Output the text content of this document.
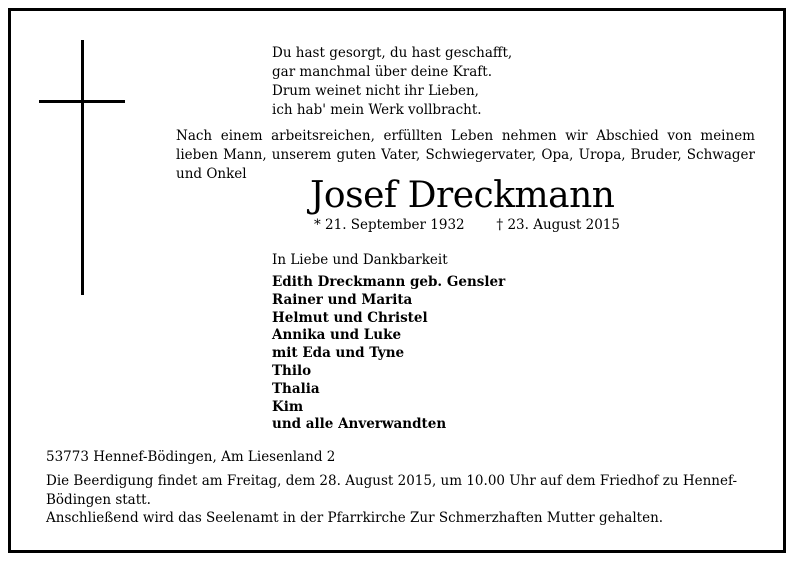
Du hast gesorgt, du hast geschafft,
gar manchmal über deine Kraft.
Drum weinet nicht ihr Lieben,
ich hab' mein Werk vollbracht.
Nach einem arbeitsreichen, erfüllten Leben nehmen wir Abschied von meinem lieben Mann, unserem guten Vater, Schwiegervater, Opa, Uropa, Bruder, Schwager und Onkel
Josef Dreckmann
* 21. September 1932 † 23. August 2015
In Liebe und Dankbarkeit
Edith Dreckmann geb. Gensler
Rainer und Marita
Helmut und Christel
Annika und Luke
mit Eda und Tyne
Thilo
Thalia
Kim
und alle Anverwandten
53773 Hennef-Bödingen, Am Liesenland 2

Die Beerdigung findet am Freitag, dem 28. August 2015, um 10.00 Uhr auf dem Friedhof zu Hennef-Bödingen statt.

Anschließend wird das Seelenamt in der Pfarrkirche Zur Schmerzhaften Mutter gehalten.
